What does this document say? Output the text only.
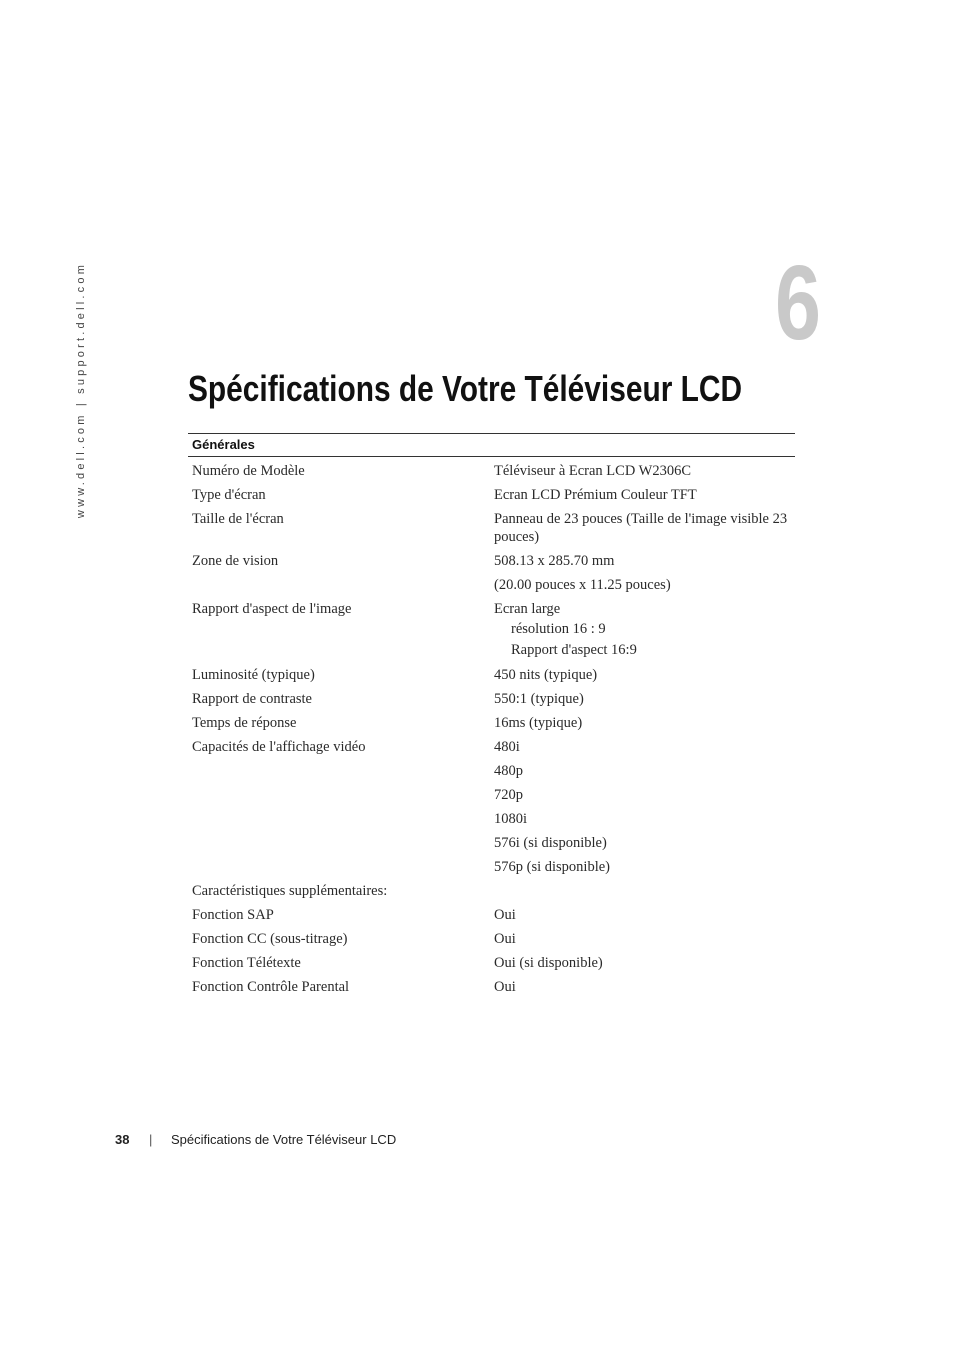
www.dell.com | support.dell.com	6
Spécifications de Votre Téléviseur LCD
Générales
Numéro de Modèle	Téléviseur à Ecran LCD W2306C
Type d'écran	Ecran LCD Prémium Couleur TFT
Taille de l'écran	Panneau de 23 pouces (Taille de l'image visible 23 pouces)
Zone de vision	508.13 x 285.70 mm
(20.00 pouces x 11.25 pouces)
Rapport d'aspect de l'image	Ecran large
résolution 16 : 9
Rapport d'aspect 16:9
Luminosité (typique)	450 nits (typique)
Rapport de contraste	550:1 (typique)
Temps de réponse	16ms (typique)
Capacités de l'affichage vidéo	480i
480p
720p
1080i
576i (si disponible)
576p (si disponible)
Caractéristiques supplémentaires:

Fonction SAP	Oui
Fonction CC (sous-titrage)	Oui
Fonction Télétexte	Oui (si disponible)
Fonction Contrôle Parental	Oui
38 | Spécifications de Votre Téléviseur LCD
